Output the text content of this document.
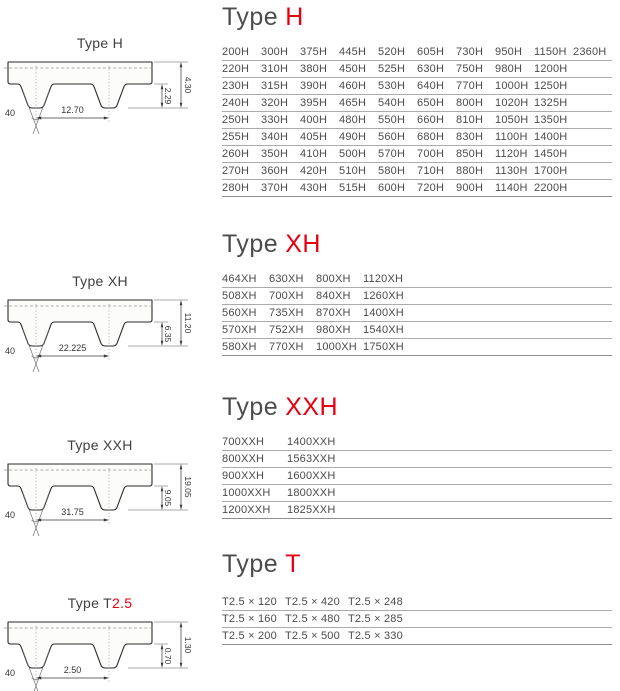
Type H
12.70
40
2.29
4.30
Type XH
22.225
40
6.35
11.20
Type XXH
31.75
40
9.05
19.05
Type T2.5
2.50
40
0.70
1.30
Type H
200H	300H	375H	445H	520H	605H	730H	950H	1150H 2360H
220H	310H	380H	450H	525H	630H	750H	980H	1200H
230H	315H	390H	460H	530H	640H	770H	1000H 1250H
240H	320H	395H	465H	540H	650H	800H	1020H 1325H
250H	330H	400H	480H	550H	660H	810H	1050H 1350H
255H	340H	405H	490H	560H	680H	830H	1100H 1400H
260H	350H	410H	500H	570H	700H	850H	1120H 1450H
270H	360H	420H	510H	580H	710H	880H	1130H 1700H
280H	370H	430H	515H	600H	720H	900H	1140H 2200H
Type XH
464XH	630XH	800XH	1120XH
508XH	700XH	840XH	1260XH
560XH	735XH	870XH	1400XH
570XH	752XH	980XH	1540XH
580XH	770XH	1000XH 1750XH
Type XXH
700XXH	1400XXH
800XXH	1563XXH
900XXH	1600XXH
1000XXH	1800XXH
1200XXH	1825XXH
Type T
T2.5 × 120 T2.5 × 420 T2.5 × 248
T2.5 × 160 T2.5 × 480 T2.5 × 285
T2.5 × 200 T2.5 × 500 T2.5 × 330
